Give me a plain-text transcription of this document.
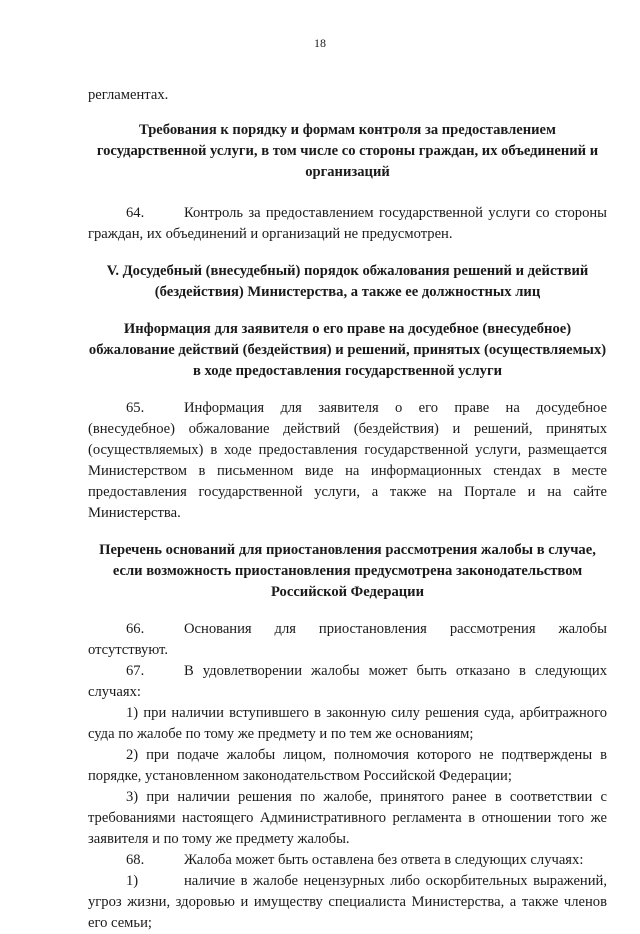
18

регламентах.

Требования к порядку и формам контроля за предоставлением государственной услуги, в том числе со стороны граждан, их объединений и организаций

64.	Контроль за предоставлением государственной услуги со стороны граждан, их объединений и организаций не предусмотрен.

V. Досудебный (внесудебный) порядок обжалования решений и действий (бездействия) Министерства, а также ее должностных лиц

Информация для заявителя о его праве на досудебное (внесудебное) обжалование действий (бездействия) и решений, принятых (осуществляемых) в ходе предоставления государственной услуги

65.	Информация для заявителя о его праве на досудебное (внесудебное) обжалование действий (бездействия) и решений, принятых (осуществляемых) в ходе предоставления государственной услуги, размещается Министерством в письменном виде на информационных стендах в месте предоставления государственной услуги, а также на Портале и на сайте Министерства.

Перечень оснований для приостановления рассмотрения жалобы в случае, если возможность приостановления предусмотрена законодательством Российской Федерации

66.	Основания для приостановления рассмотрения жалобы отсутствуют.

67.	В удовлетворении жалобы может быть отказано в следующих случаях:

1) при наличии вступившего в законную силу решения суда, арбитражного суда по жалобе по тому же предмету и по тем же основаниям;

2) при подаче жалобы лицом, полномочия которого не подтверждены в порядке, установленном законодательством Российской Федерации;

3) при наличии решения по жалобе, принятого ранее в соответствии с требованиями настоящего Административного регламента в отношении того же заявителя и по тому же предмету жалобы.

68.	Жалоба может быть оставлена без ответа в следующих случаях:

1)	наличие в жалобе нецензурных либо оскорбительных выражений, угроз жизни, здоровью и имуществу специалиста Министерства, а также членов его семьи;
